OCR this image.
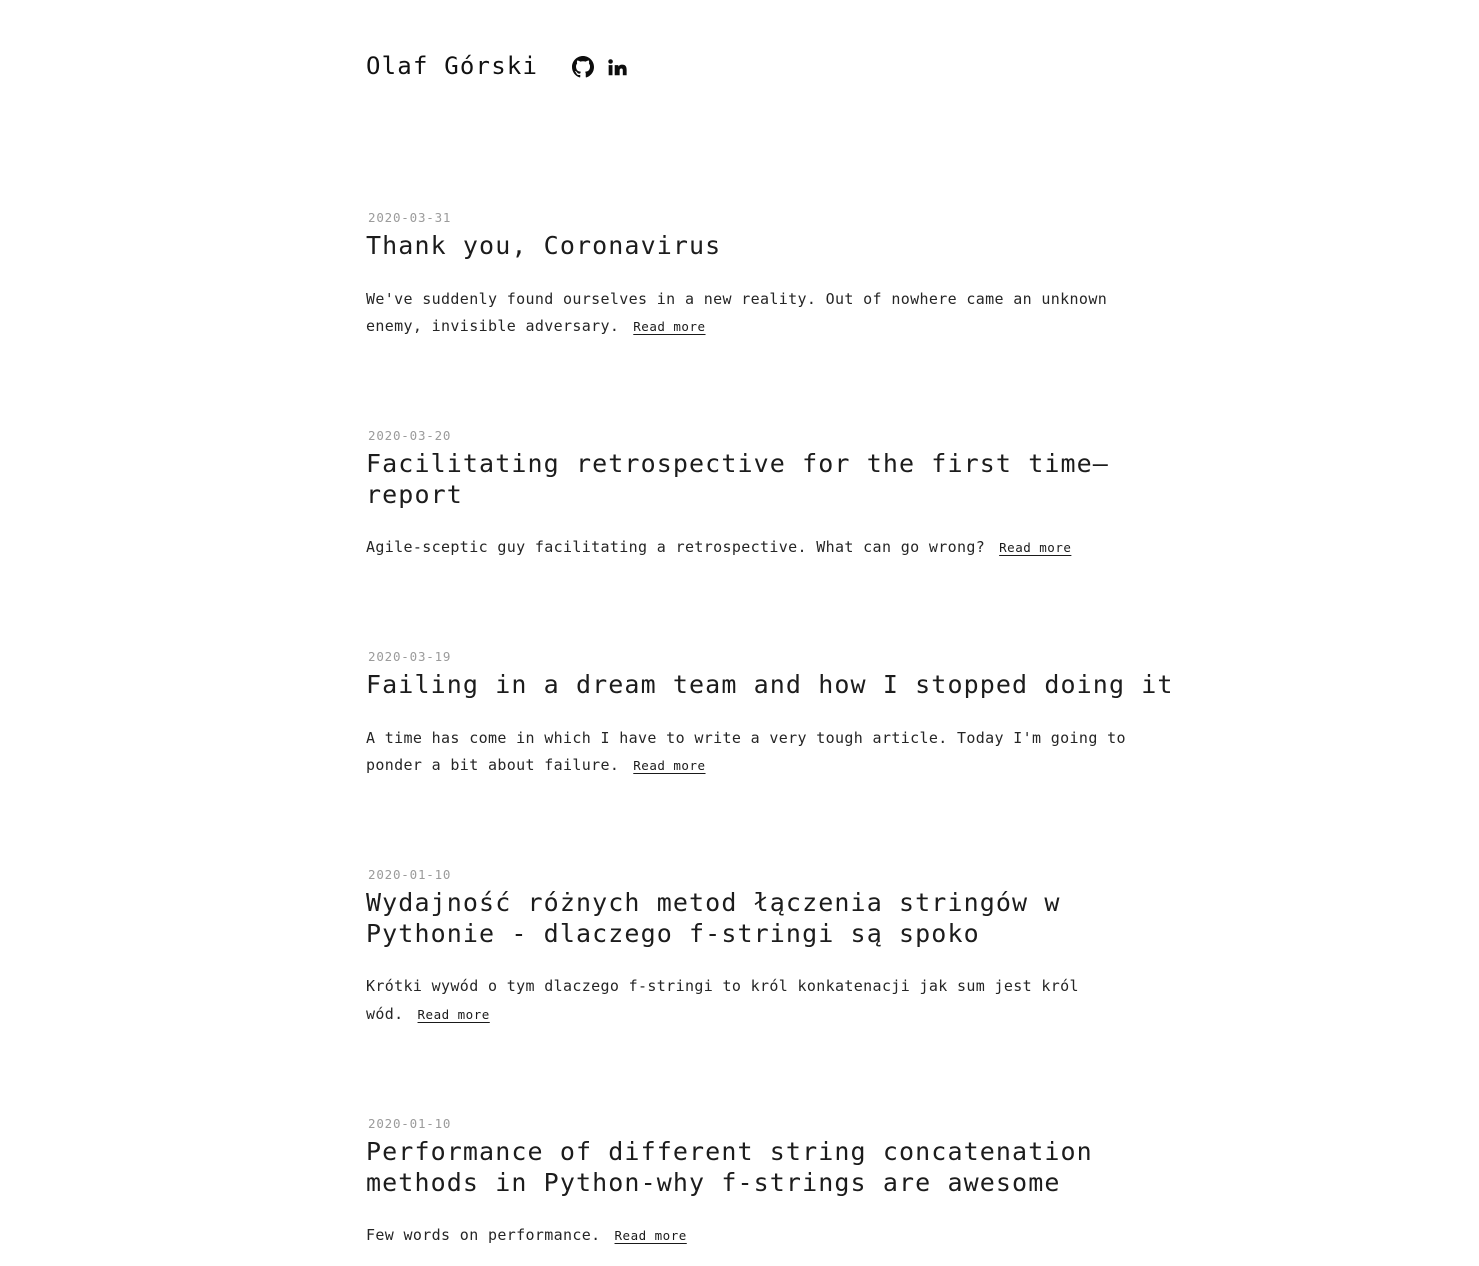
Olaf Górski
2020-03-31
Thank you, Coronavirus

We've suddenly found ourselves in a new reality. Out of nowhere came an unknown enemy, invisible adversary. Read more

2020-03-20
Facilitating retrospective for the first time—report

Agile-sceptic guy facilitating a retrospective. What can go wrong? Read more

2020-03-19
Failing in a dream team and how I stopped doing it

A time has come in which I have to write a very tough article. Today I'm going to ponder a bit about failure. Read more

2020-01-10
Wydajność różnych metod łączenia stringów w Pythonie - dlaczego f-stringi są spoko

Krótki wywód o tym dlaczego f-stringi to król konkatenacji jak sum jest król wód. Read more

2020-01-10
Performance of different string concatenation methods in Python-why f-strings are awesome

Few words on performance. Read more
